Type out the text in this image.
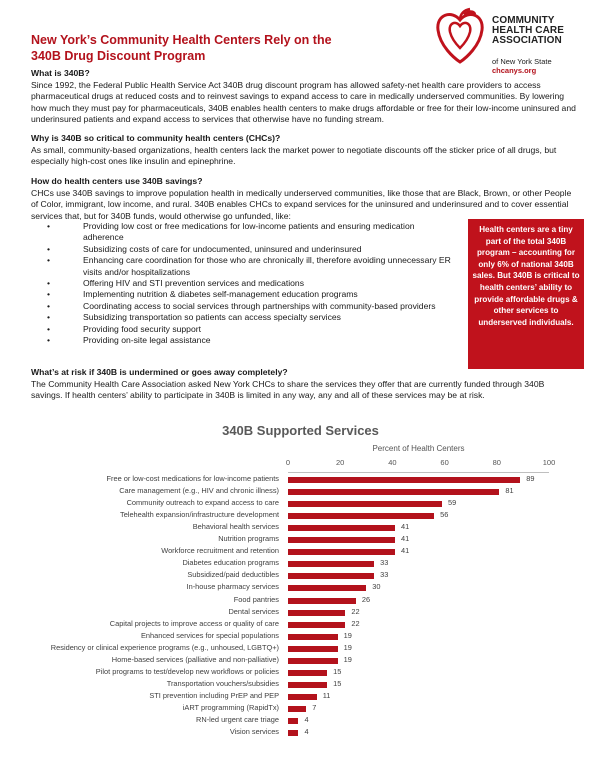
New York’s Community Health Centers Rely on the
340B Drug Discount Program
COMMUNITY
HEALTH CARE
ASSOCIATION
of New York State
chcanys.org
What is 340B?
Since 1992, the Federal Public Health Service Act 340B drug discount program has allowed safety-net health care providers to access pharmaceutical drugs at reduced costs and to reinvest savings to expand access to care in medically underserved communities. By lowering how much they must pay for pharmaceuticals, 340B enables health centers to make drugs affordable or free for their low-income uninsured and underinsured patients and expand access to services that otherwise have no funding stream.
Why is 340B so critical to community health centers (CHCs)?
As small, community-based organizations, health centers lack the market power to negotiate discounts off the sticker price of all drugs, but especially high-cost ones like insulin and epinephrine.
How do health centers use 340B savings?
CHCs use 340B savings to improve population health in medically underserved communities, like those that are Black, Brown, or other People of Color, immigrant, low income, and rural. 340B enables CHCs to expand services for the uninsured and underinsured and to cover essential services that, but for 340B funds, would otherwise go unfunded, like:
•	Providing low cost or free medications for low-income patients and ensuring medication adherence
•	Subsidizing costs of care for undocumented, uninsured and underinsured
•	Enhancing care coordination for those who are chronically ill, therefore avoiding unnecessary ER visits and/or hospitalizations
•	Offering HIV and STI prevention services and medications
•	Implementing nutrition & diabetes self-management education programs
•	Coordinating access to social services through partnerships with community-based providers
•	Subsidizing transportation so patients can access specialty services
•	Providing food security support
•	Providing on-site legal assistance
Health centers are a tiny part of the total 340B program – accounting for only 6% of national 340B sales. But 340B is critical to health centers’ ability to provide affordable drugs & other services to underserved individuals.
What’s at risk if 340B is undermined or goes away completely?
The Community Health Care Association asked New York CHCs to share the services they offer that are currently funded through 340B savings. If health centers’ ability to participate in 340B is limited in any way, any and all of these services may be at risk.
340B Supported Services
Percent of Health Centers
0	20	40	60	80	100
Free or low-cost medications for low-income patients	89
Care management (e.g., HIV and chronic illness)	81
Community outreach to expand access to care	59
Telehealth expansion/infrastructure development	56
Behavioral health services	41
Nutrition programs	41
Workforce recruitment and retention	41
Diabetes education programs	33
Subsidized/paid deductibles	33
In-house pharmacy services	30
Food pantries	26
Dental services	22
Capital projects to improve access or quality of care	22
Enhanced services for special populations	19
Residency or clinical experience programs (e.g., unhoused, LGBTQ+)	19
Home-based services (palliative and non-palliative)	19
Pilot programs to test/develop new workflows or policies	15
Transportation vouchers/subsidies	15
STI prevention including PrEP and PEP	11
iART programming (RapidTx)	7
RN-led urgent care triage	4
Vision services	4
